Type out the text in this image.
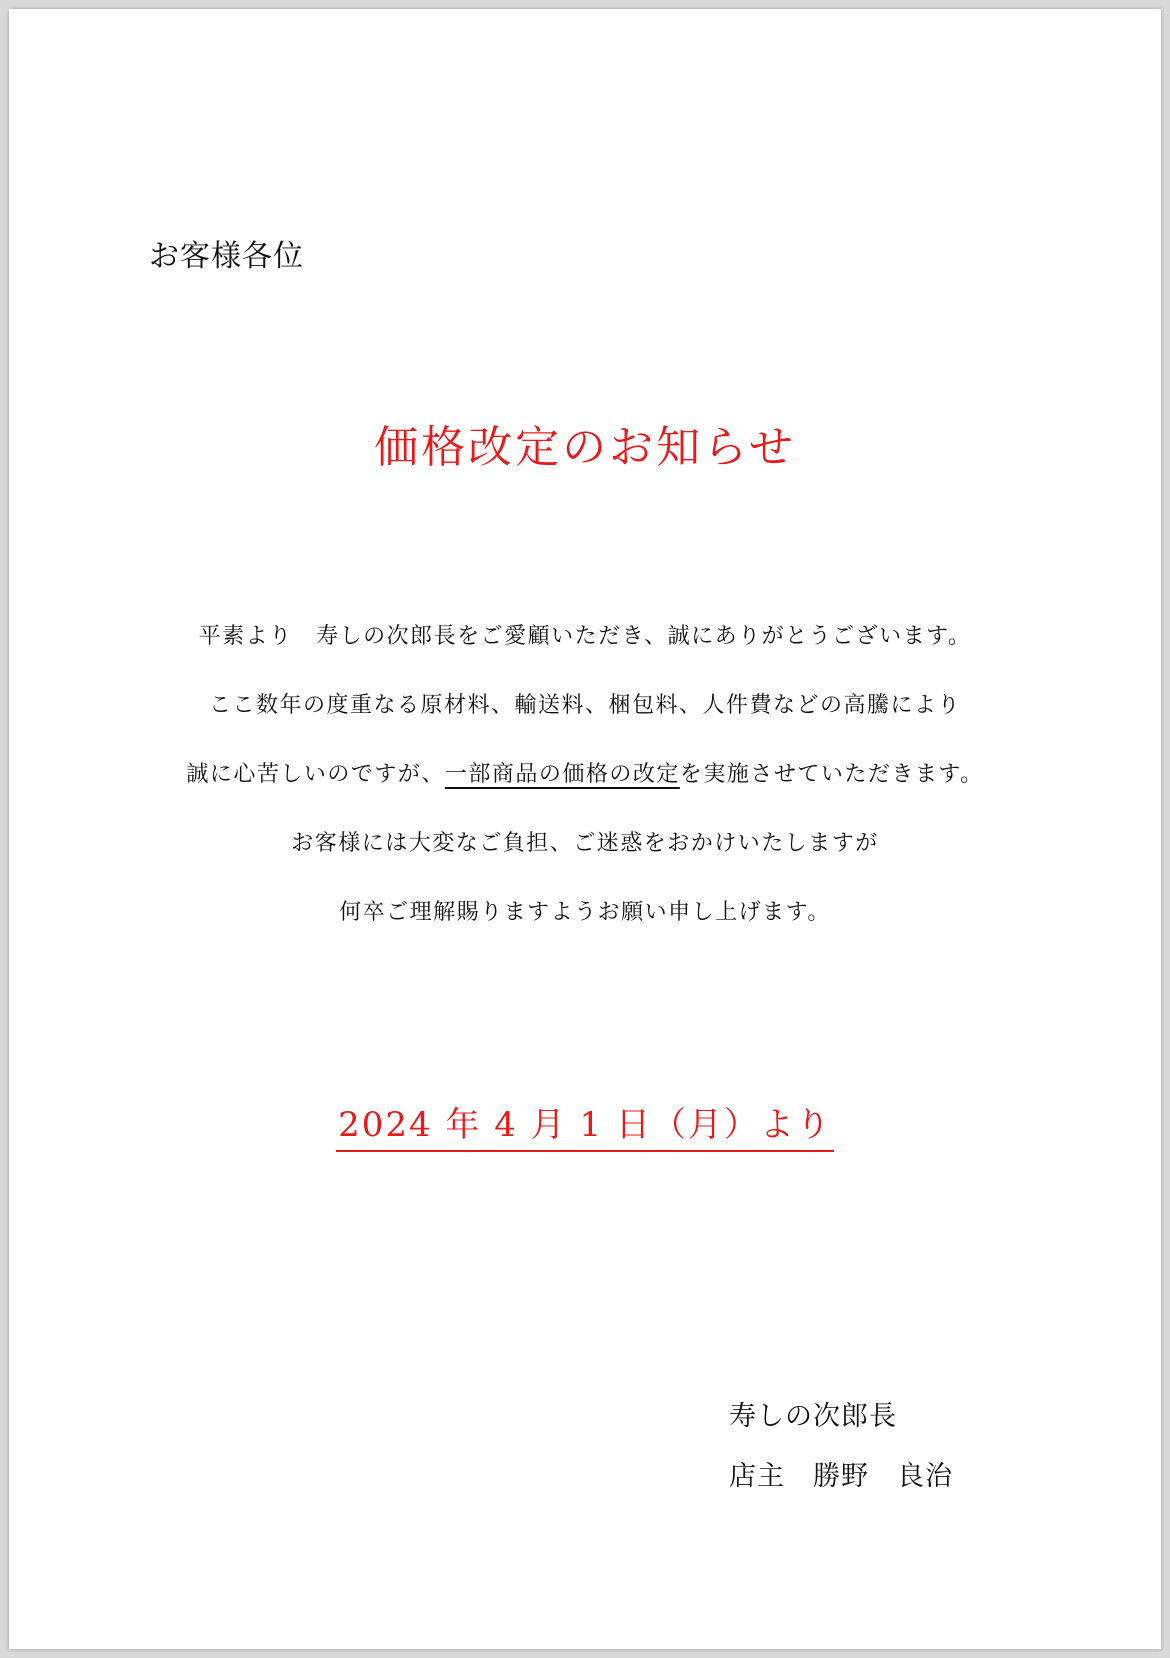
お客様各位
価格改定のお知らせ
平素より　寿しの次郎長をご愛顧いただき、誠にありがとうございます。
ここ数年の度重なる原材料、輸送料、梱包料、人件費などの高騰により
誠に心苦しいのですが、一部商品の価格の改定を実施させていただきます。
お客様には大変なご負担、ご迷惑をおかけいたしますが
何卒ご理解賜りますようお願い申し上げます。
2024 年 4 月 1 日（月）より
寿しの次郎長
店主　勝野　良治
